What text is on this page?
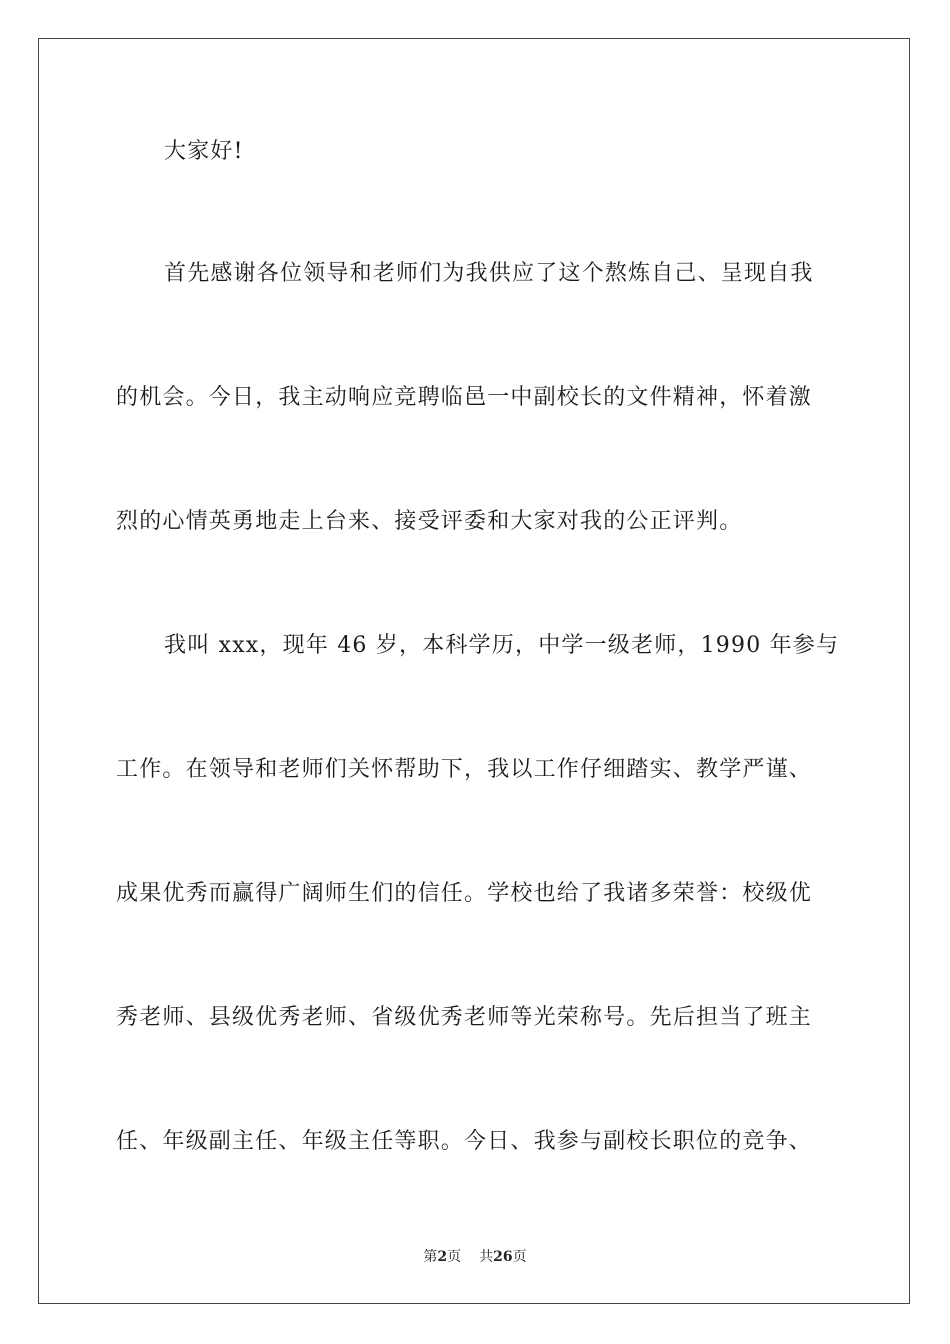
大家好!
首先感谢各位领导和老师们为我供应了这个熬炼自己、呈现自我
的机会。今日，我主动响应竞聘临邑一中副校长的文件精神，怀着激
烈的心情英勇地走上台来、接受评委和大家对我的公正评判。
我叫 xxx，现年 46 岁，本科学历，中学一级老师，1990 年参与
工作。在领导和老师们关怀帮助下，我以工作仔细踏实、教学严谨、
成果优秀而赢得广阔师生们的信任。学校也给了我诸多荣誉：校级优
秀老师、县级优秀老师、省级优秀老师等光荣称号。先后担当了班主
任、年级副主任、年级主任等职。今日、我参与副校长职位的竞争、
第2页 共26页
